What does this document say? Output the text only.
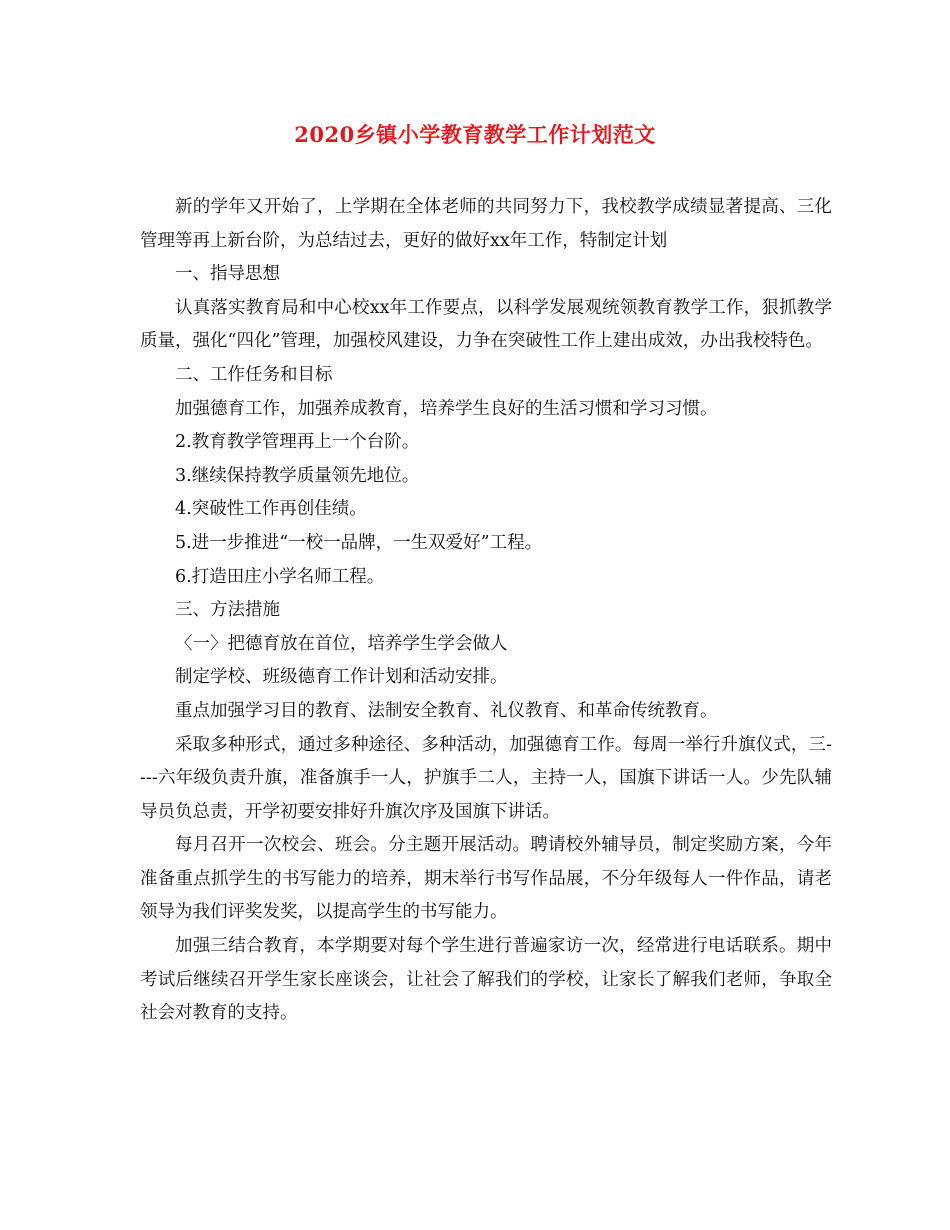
2020乡镇小学教育教学工作计划范文

新的学年又开始了，上学期在全体老师的共同努力下，我校教学成绩显著提高、三化管理等再上新台阶，为总结过去，更好的做好xx年工作，特制定计划

一、指导思想

认真落实教育局和中心校xx年工作要点，以科学发展观统领教育教学工作，狠抓教学质量，强化“四化”管理，加强校风建设，力争在突破性工作上建出成效，办出我校特色。

二、工作任务和目标

加强德育工作，加强养成教育，培养学生良好的生活习惯和学习习惯。

2.教育教学管理再上一个台阶。

3.继续保持教学质量领先地位。

4.突破性工作再创佳绩。

5.进一步推进“一校一品牌，一生双爱好”工程。

6.打造田庄小学名师工程。

三、方法措施

〈一〉把德育放在首位，培养学生学会做人

制定学校、班级德育工作计划和活动安排。

重点加强学习目的教育、法制安全教育、礼仪教育、和革命传统教育。

采取多种形式，通过多种途径、多种活动，加强德育工作。每周一举行升旗仪式，三----六年级负责升旗，准备旗手一人，护旗手二人，主持一人，国旗下讲话一人。少先队辅导员负总责，开学初要安排好升旗次序及国旗下讲话。

每月召开一次校会、班会。分主题开展活动。聘请校外辅导员，制定奖励方案，今年准备重点抓学生的书写能力的培养，期末举行书写作品展，不分年级每人一件作品，请老领导为我们评奖发奖，以提高学生的书写能力。

加强三结合教育，本学期要对每个学生进行普遍家访一次，经常进行电话联系。期中考试后继续召开学生家长座谈会，让社会了解我们的学校，让家长了解我们老师，争取全社会对教育的支持。
